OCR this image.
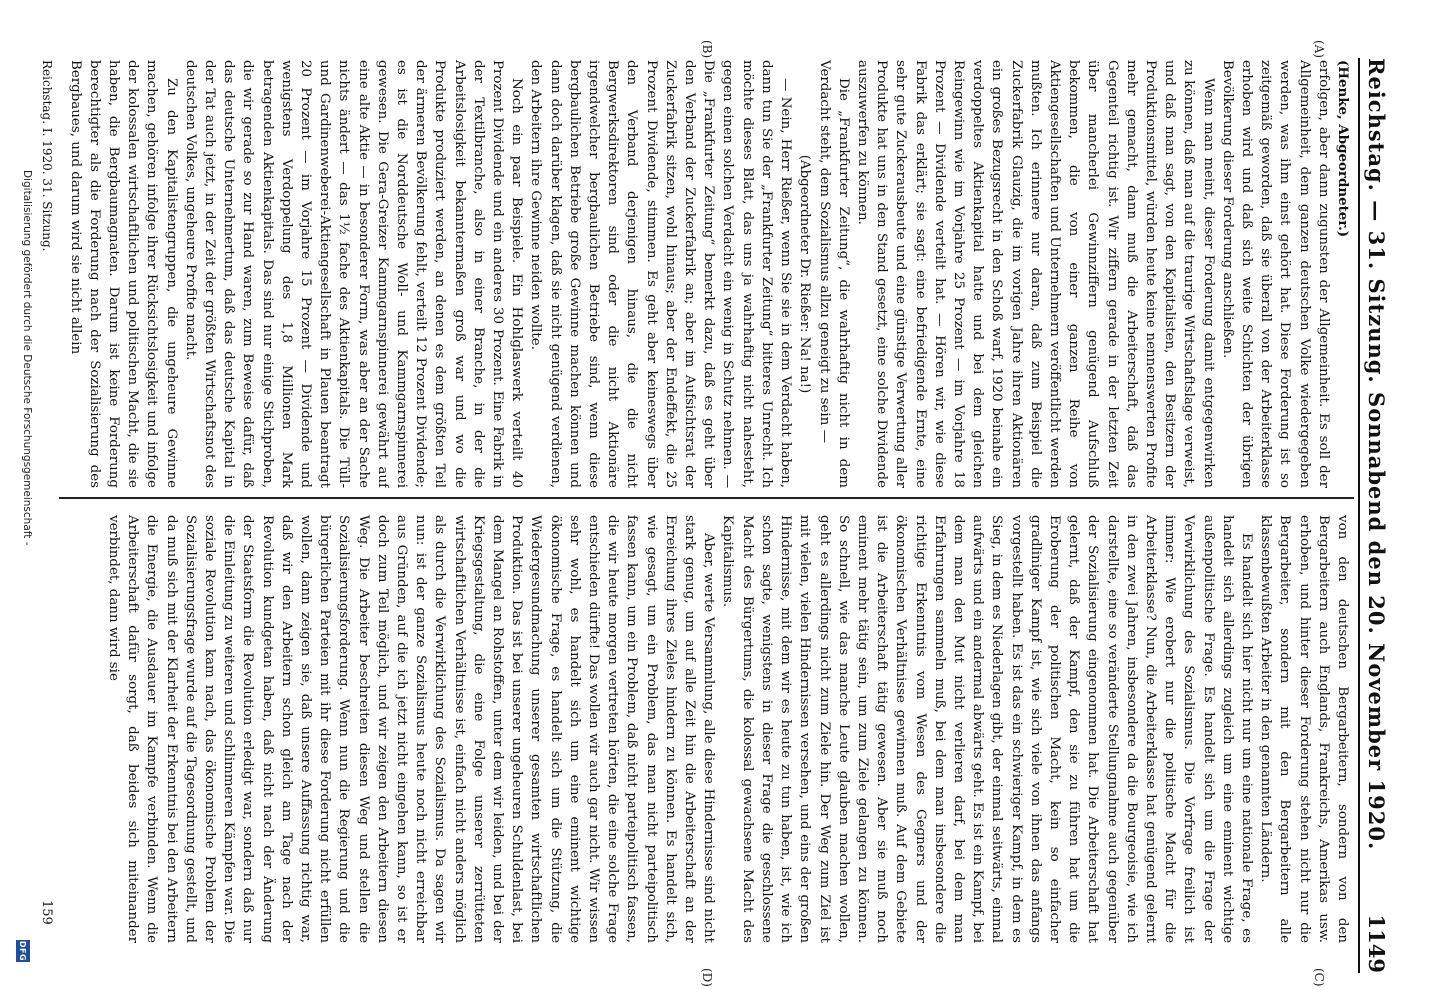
Reichstag. — 31. Sitzung. Sonnabend den 20. November 1920.
1149
(A)
(B)
(C)
(D)

(Henke, Abgeordneter.)

erfolgen, aber dann zugunsten der Allgemeinheit. Es soll der Allgemeinheit, dem ganzen deutschen Volke wiedergegeben werden, was ihm einst gehört hat. Diese Forderung ist so zeitgemäß geworden, daß sie überall von der Arbeiterklasse erhoben wird und daß sich weite Schichten der übrigen Bevölkerung dieser Forderung anschließen.

Wenn man meint, dieser Forderung damit entgegenwirken zu können, daß man auf die traurige Wirtschaftslage verweist, und daß man sagt, von den Kapitalisten, den Besitzern der Produktionsmittel, würden heute keine nennenswerten Profite mehr gemacht, dann muß die Arbeiterschaft, daß das Gegenteil richtig ist. Wir ziffern gerade in der letzten Zeit über mancherlei Gewinnziffern genügend Aufschluß bekommen, die von einer ganzen Reihe von Aktiengesellschaften und Unternehmern veröffentlicht werden mußten. Ich erinnere nur daran, daß zum Beispiel die Zuckerfabrik Glauzig, die im vorigen Jahre ihren Aktionären ein großes Bezugsrecht in den Schoß warf, 1920 beinahe ein verdoppeltes Aktienkapital hatte und bei dem gleichen Reingewinn wie im Vorjahre 25 Prozent — im Vorjahre 18 Prozent — Dividende verteilt hat. — Hören wir, wie diese Fabrik das erklärt; sie sagt: eine befriedigende Ernte, eine sehr gute Zuckerausbeute und eine günstige Verwertung aller Produkte hat uns in den Stand gesetzt, eine solche Dividende auszuwerfen zu können.

Die „Frankfurter Zeitung“, die wahrhaftig nicht in dem Verdacht steht, dem Sozialismus allzu geneigt zu sein —

(Abgeordneter Dr. Rießer: Na! na!)

— Nein, Herr Rießer, wenn Sie sie in dem Verdacht haben, dann tun Sie der „Frankfurter Zeitung“ bitteres Unrecht. Ich möchte dieses Blatt, das uns ja wahrhaftig nicht nahesteht, gegen einen solchen Verdacht ein wenig in Schutz nehmen. — Die „Frankfurter Zeitung“ bemerkt dazu, daß es geht über den Verband der Zuckerfabrik an; aber im Aufsichtsrat der Zuckerfabrik sitzen, wohl hinaus; aber der Endeffekt, die 25 Prozent Dividende, stimmen. Es geht aber keineswegs über den Verband derjenigen hinaus, die die nicht Bergwerksdirektoren sind oder die nicht Aktionäre irgendwelcher bergbaulichen Betriebe sind, wenn diese bergbaulichen Betriebe große Gewinne machen können und dann doch darüber klagen, daß sie nicht genügend verdienen, den Arbeitern ihre Gewinne neiden wollte.

Noch ein paar Beispiele. Ein Hohlglaswerk verteilt 40 Prozent Dividende und ein anderes 30 Prozent. Eine Fabrik in der Textilbranche, also in einer Branche, in der die Arbeitslosigkeit bekanntermaßen groß war und wo die Produkte produziert werden, an denen es dem größten Teil der ärmeren Bevölkerung fehlt, verteilt 12 Prozent Dividende; es ist die Norddeutsche Woll- und Kammgarnspinnerei gewesen. Die Gera-Greizer Kammgarnspinnerei gewährt auf eine alte Aktie — in besonderer Form, was aber an der Sache nichts ändert — das 1½ fache des Aktienkapitals. Die Tüll- und Gardinenweberei-Aktiengesellschaft in Plauen beantragt 20 Prozent — im Vorjahre 15 Prozent — Dividende und wenigstens Verdoppelung des 1,8 Millionen Mark betragenden Aktienkapitals. Das sind nur einige Stichproben, die wir gerade so zur Hand waren, zum Beweise dafür, daß das deutsche Unternehmertum, daß das deutsche Kapital in der Tat auch jetzt, in der Zeit der größten Wirtschaftsnot des deutschen Volkes, ungeheure Profite macht.

Zu den Kapitalistengruppen, die ungeheure Gewinne machen, gehören infolge ihrer Rücksichtslosigkeit und infolge der kolossalen wirtschaftlichen und politischen Macht, die sie haben, die Bergbaumagnaten. Darum ist keine Forderung berechtigter als die Forderung nach der Sozialisierung des Bergbaues, und darum wird sie nicht allein

von den deutschen Bergarbeitern, sondern von den Bergarbeitern auch Englands, Frankreichs, Amerikas usw. erhoben, und hinter dieser Forderung stehen nicht nur die Bergarbeiter, sondern mit den Bergarbeitern alle klassenbewußten Arbeiter in den genannten Ländern.

Es handelt sich hier nicht nur um eine nationale Frage, es handelt sich allerdings zugleich um eine eminent wichtige außenpolitische Frage. Es handelt sich um die Frage der Verwirklichung des Sozialismus. Die Vorfrage freilich ist immer: Wie erobert nur die politische Macht für die Arbeiterklasse? Nun, die Arbeiterklasse hat genügend gelernt in den zwei Jahren, insbesondere da die Bourgeoisie, wie ich darstellte, eine so veränderte Stellungnahme auch gegenüber der Sozialisierung eingenommen hat. Die Arbeiterschaft hat gelernt, daß der Kampf, den sie zu führen hat um die Eroberung der politischen Macht, kein so einfacher gradliniger Kampf ist, wie sich viele von ihnen das anfangs vorgestellt haben. Es ist das ein schwieriger Kampf, in dem es Sieg, in dem es Niederlagen gibt, der einmal seitwärts, einmal aufwärts und ein andermal abwärts geht. Es ist ein Kampf, bei dem man den Mut nicht verlieren darf, bei dem man Erfahrungen sammeln muß, bei dem man insbesondere die richtige Erkenntnis vom Wesen des Gegners und der ökonomischen Verhältnisse gewinnen muß. Auf dem Gebiete ist die Arbeiterschaft tätig gewesen. Aber sie muß noch eminent mehr tätig sein, um zum Ziele gelangen zu können. So schnell, wie das manche Leute glauben machen wollen, geht es allerdings nicht zum Ziele hin. Der Weg zum Ziel ist mit vielen, vielen Hindernissen versehen, und eins der großen Hindernisse, mit dem wir es heute zu tun haben, ist, wie ich schon sagte, wenigstens in dieser Frage die geschlossene Macht des Bürgertums, die kolossal gewachsene Macht des Kapitalismus.

Aber, werte Versammlung, alle diese Hindernisse sind nicht stark genug, um auf alle Zeit hin die Arbeiterschaft an der Erreichung ihres Zieles hindern zu können. Es handelt sich, wie gesagt, um ein Problem, das man nicht parteipolitisch fassen kann, um ein Problem, daß nicht parteipolitisch fassen, die wir heute morgen vertreten hörten, die eine solche Frage entschieden dürfte! Das wollen wir auch gar nicht. Wir wissen sehr wohl, es handelt sich um eine eminent wichtige ökonomische Frage, es handelt sich um die Stützung, die Wiedergesundmachung unserer gesamten wirtschaftlichen Produktion. Das ist bei unserer ungeheuren Schuldenlast, bei dem Mangel an Rohstoffen, unter dem wir leiden, und bei der Kriegsgestaltung, die eine Folge unserer zerrütteten wirtschaftlichen Verhältnisse ist, einfach nicht anders möglich als durch die Verwirklichung des Sozialismus. Da sagen wir nun: ist der ganze Sozialismus heute noch nicht erreichbar aus Gründen, auf die ich jetzt nicht eingehen kann, so ist er doch zum Teil möglich, und wir zeigen den Arbeitern diesen Weg. Die Arbeiter beschreiten diesen Weg und stellen die Sozialisierungsforderung. Wenn nun die Regierung und die bürgerlichen Parteien mit ihr diese Forderung nicht erfüllen wollen, dann zeigen sie, daß unsere Auffassung richtig war, daß wir den Arbeitern schon gleich am Tage nach der Revolution kundgetan haben, daß nicht nach der Änderung der Staatsform die Revolution erledigt war, sondern daß nur die Einleitung zu weiteren und schlimmeren Kämpfen war. Die soziale Revolution kam nach, das ökonomische Problem der Sozialisierungsfrage wurde auf die Tagesordnung gestellt, und da muß sich mit der Klarheit der Erkenntnis bei den Arbeitern die Energie, die Ausdauer im Kampfe verbinden. Wenn die Arbeiterschaft dafür sorgt, daß beides sich miteinander verbindet, dann wird sie

Reichstag. I. 1920. 31. Sitzung.
159
Digitalisierung gefördert durch die Deutsche Forschungsgemeinschaft -
DFG
